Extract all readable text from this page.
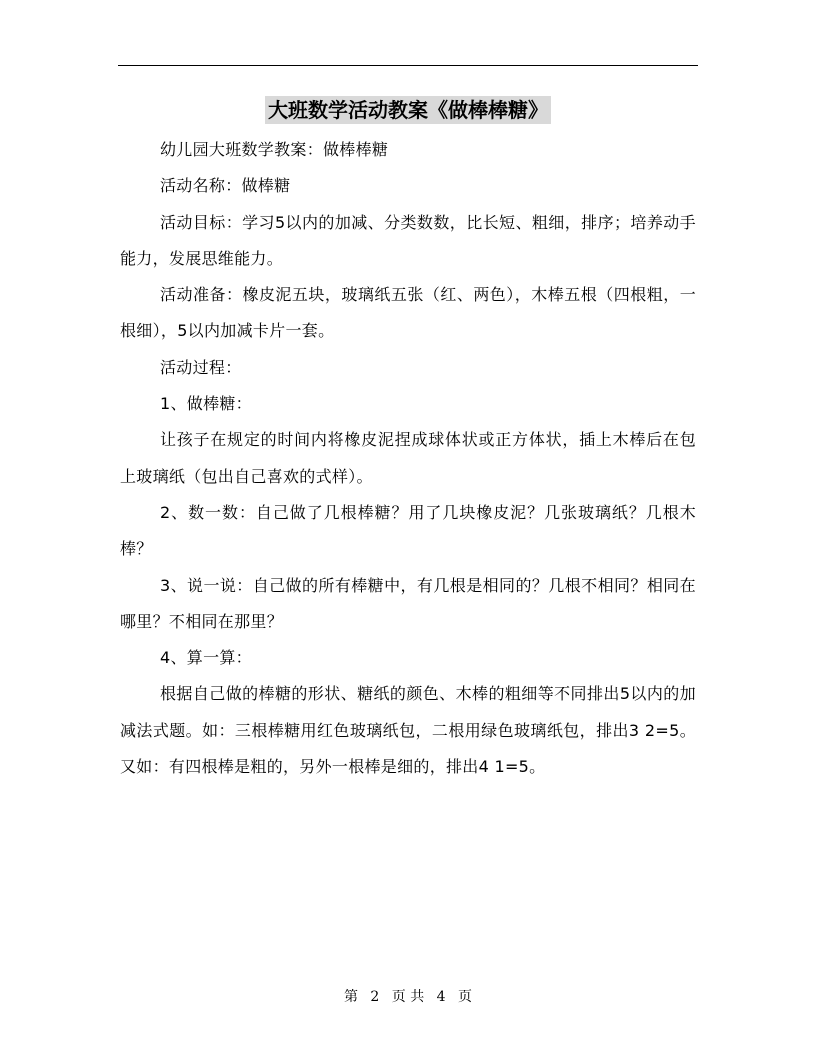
大班数学活动教案《做棒棒糖》

幼儿园大班数学教案：做棒棒糖

活动名称：做棒糖

活动目标：学习5以内的加减、分类数数，比长短、粗细，排序；培养动手能力，发展思维能力。

活动准备：橡皮泥五块，玻璃纸五张（红、两色），木棒五根（四根粗，一根细），5以内加减卡片一套。

活动过程：

1、做棒糖：

让孩子在规定的时间内将橡皮泥捏成球体状或正方体状，插上木棒后在包上玻璃纸（包出自己喜欢的式样）。

2、数一数：自己做了几根棒糖？用了几块橡皮泥？几张玻璃纸？几根木棒？

3、说一说：自己做的所有棒糖中，有几根是相同的？几根不相同？相同在哪里？不相同在那里？

4、算一算：

根据自己做的棒糖的形状、糖纸的颜色、木棒的粗细等不同排出5以内的加减法式题。如：三根棒糖用红色玻璃纸包，二根用绿色玻璃纸包，排出3 2=5。又如：有四根棒是粗的，另外一根棒是细的，排出4 1=5。

第 2 页 共 4 页
